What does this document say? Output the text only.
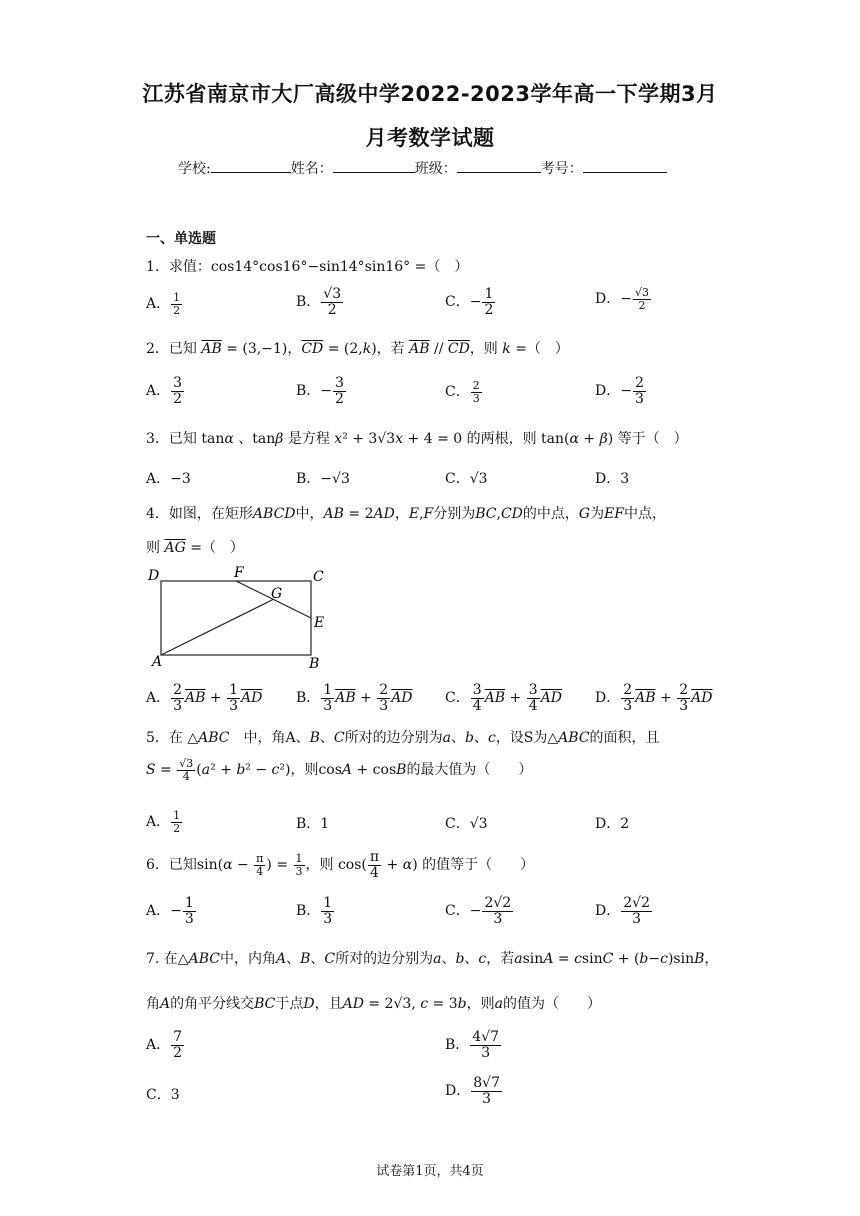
江苏省南京市大厂高级中学2022-2023学年高一下学期3月
月考数学试题
学校:	姓名：	班级：	考号：
一、单选题
1．求值：cos14°cos16°−sin14°sin16° =（　）
A． $\frac{1}{2}$	B． $\frac{√3}{2}$	C．− $\frac{1}{2}$	D．− $\frac{√3}{2}$
2．已知 $\overline{AB} = (3,-1)$，$\overline{CD} = (2,k)$，若 $\overline{AB} // \overline{CD}$，则 k =（　）
A． $\frac{3}{2}$	B．− $\frac{3}{2}$	C． $\frac{2}{3}$	D．− $\frac{2}{3}$
3．已知 tanα 、tanβ 是方程 x² + 3√3x + 4 = 0 的两根，则 tan(α + β) 等于（　）
A．−3	B．−√3	C．√3	D．3
4．如图，在矩形ABCD中，AB = 2AD，E,F分别为BC,CD的中点，G为EF中点，
则 $\overline{AG}$ =（　）
D	F	C
G
E
A	B
A． $\frac{2}{3} \overline{AB} + \frac{1}{3} \overline{AD}$ B． $\frac{1}{3} \overline{AB} + \frac{2}{3} \overline{AD}$ C． $\frac{3}{4} \overline{AB} + \frac{3}{4} \overline{AD}$ D． $\frac{2}{3} \overline{AB} + \frac{2}{3} \overline{AD}$
5．在 △ABC　中，角A、B、C所对的边分别为a、b、c，设S为△ABC的面积，且
$S = \frac{√3}{4} (a^2 + b^2 - c^2)$，则cosA + cosB的最大值为（　　）
A． $\frac{1}{2}$	B．1	C．√3	D．2
6．已知$\sin(\alpha - \frac{\pi}{4}$ ) = $\frac{1}{3}$ ，则 $\cos( \frac{\pi}{4} + \alpha)$ 的值等于（　　）
A．− $\frac{1}{3}$	B． $\frac{1}{3}$	C．− $\frac{2√2}{3}$	D． $\frac{2√2}{3}$
7. 在△ABC中，内角A、B、C所对的边分别为a、b、c，若asinA = csinC + (b−c)sinB，
角A的角平分线交BC于点D，且AD = 2√3, c = 3b，则a的值为（　　）
A． $\frac{7}{2}$	B． $\frac{4√7}{3}$
C．3	D． $\frac{8√7}{3}$
试卷第1页，共4页
